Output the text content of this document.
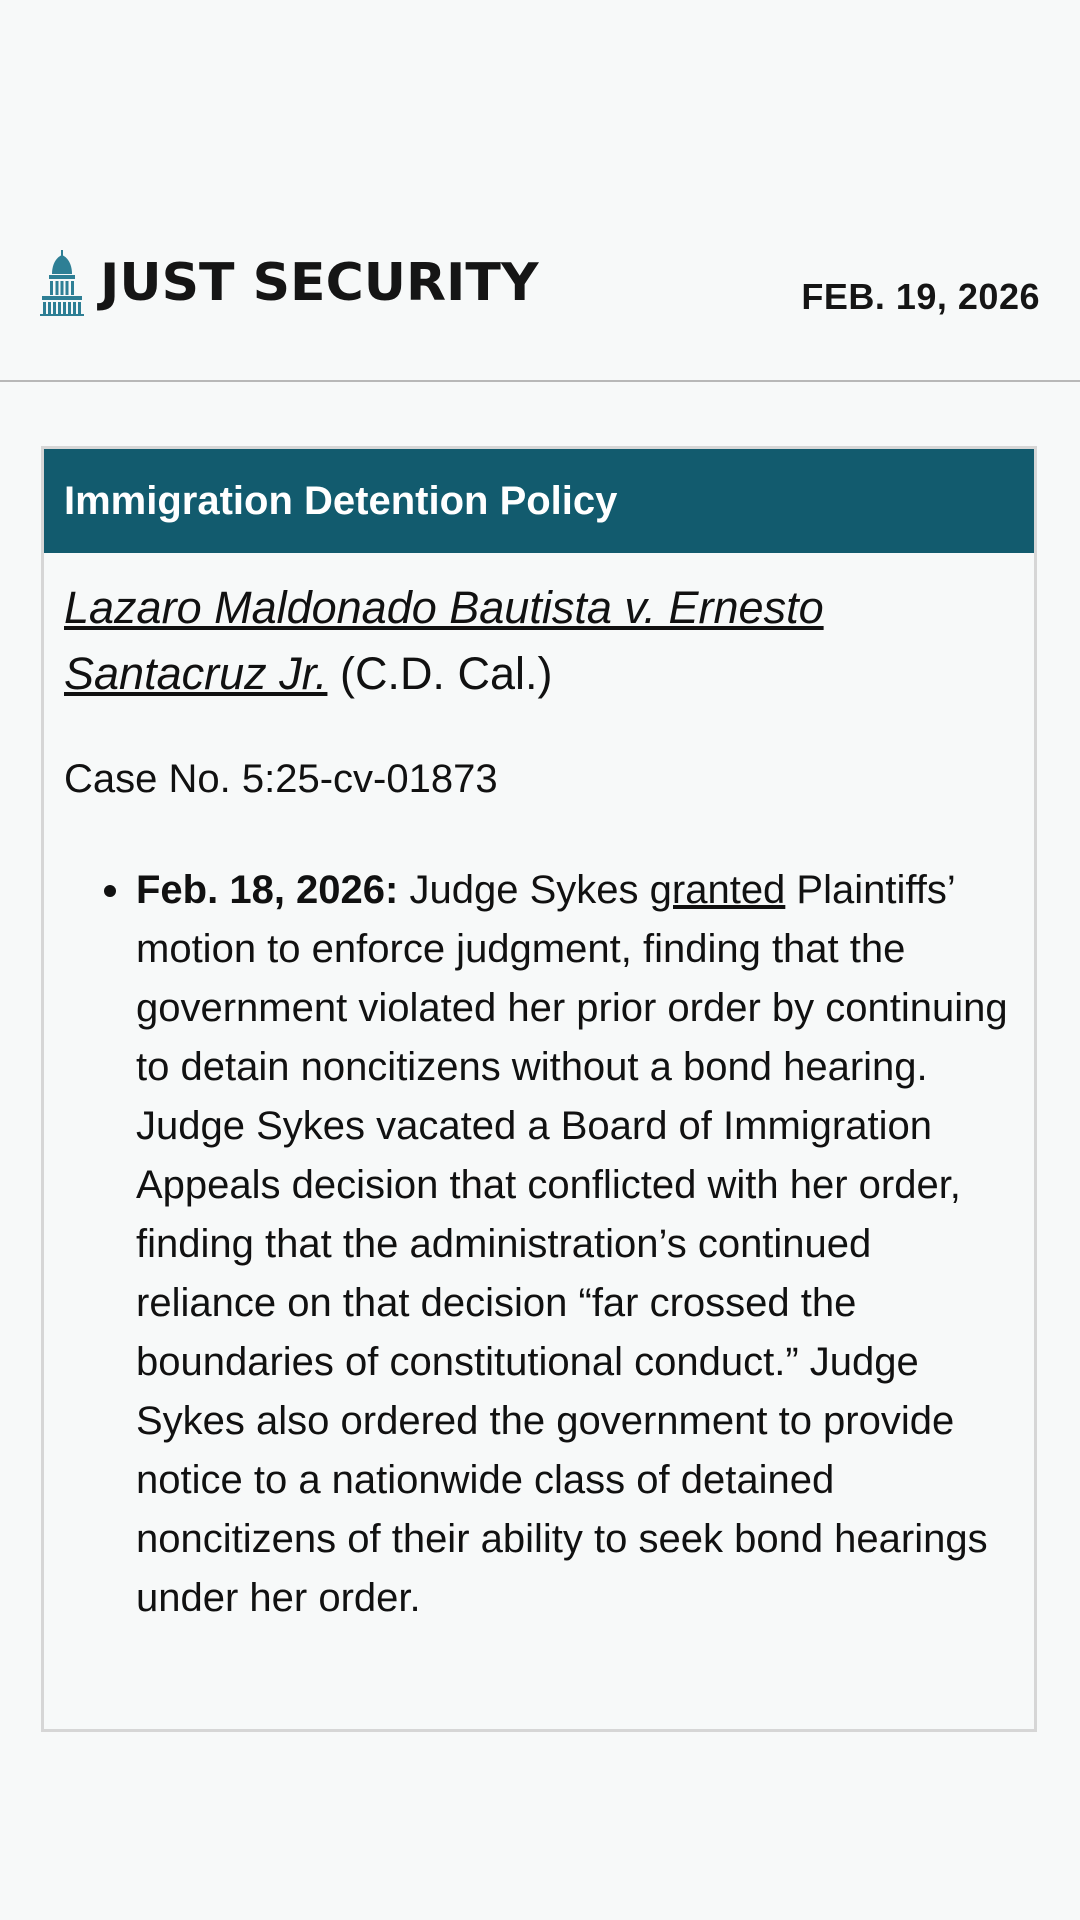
JUST SECURITY	FEB. 19, 2026
Immigration Detention Policy
Lazaro Maldonado Bautista v. Ernesto Santacruz Jr. (C.D. Cal.)
Case No. 5:25-cv-01873
Feb. 18, 2026: Judge Sykes granted Plaintiffs’ motion to enforce judgment, finding that the government violated her prior order by continuing to detain noncitizens without a bond hearing. Judge Sykes vacated a Board of Immigration Appeals decision that conflicted with her order, finding that the administration’s continued reliance on that decision “far crossed the boundaries of constitutional conduct.” Judge Sykes also ordered the government to provide notice to a nationwide class of detained noncitizens of their ability to seek bond hearings under her order.
